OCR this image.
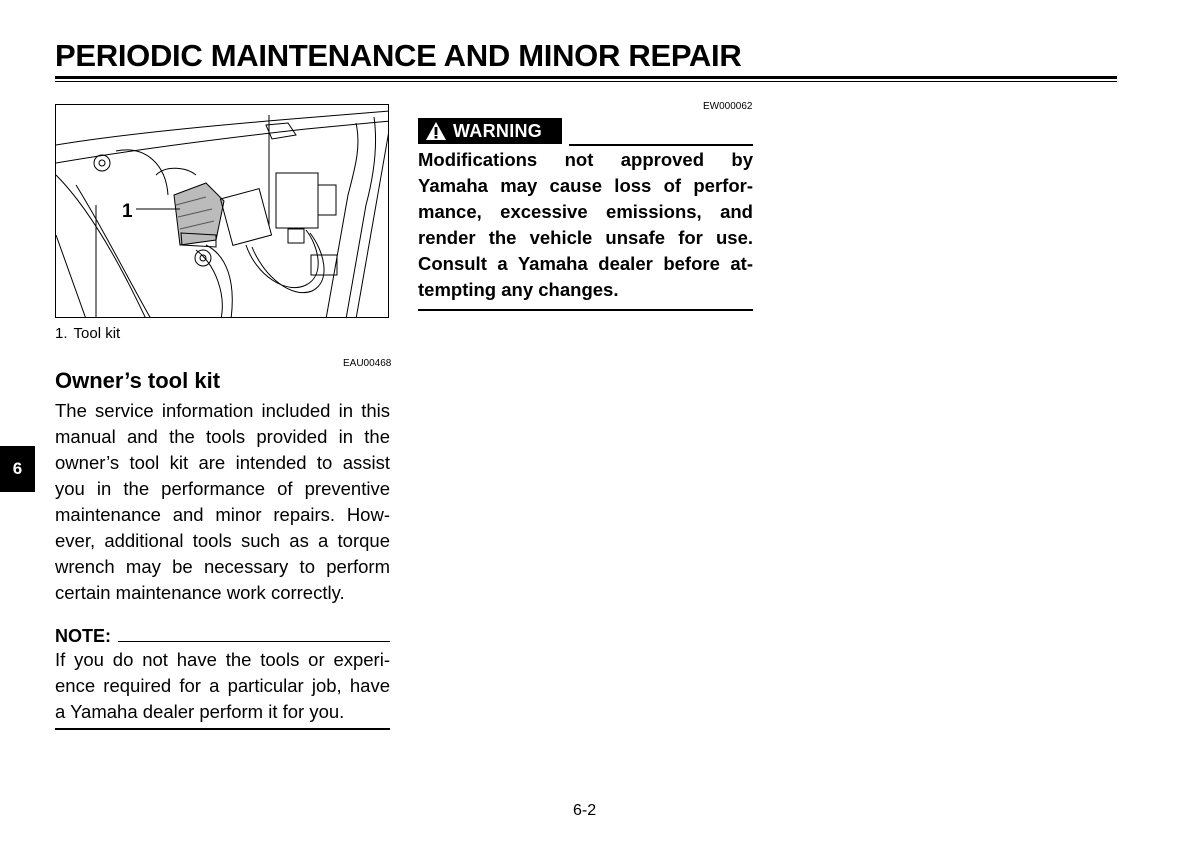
PERIODIC MAINTENANCE AND MINOR REPAIR
1
1. Tool kit
EAU00468
Owner’s tool kit
The service information included in this
manual and the tools provided in the
owner’s tool kit are intended to assist
you in the performance of preventive
maintenance and minor repairs. How-
ever, additional tools such as a torque
wrench may be necessary to perform
certain maintenance work correctly.
NOTE:
If you do not have the tools or experi-
ence required for a particular job, have
a Yamaha dealer perform it for you.
EW000062
WARNING
Modifications not approved by
Yamaha may cause loss of perfor-
mance, excessive emissions, and
render the vehicle unsafe for use.
Consult a Yamaha dealer before at-
tempting any changes.
6
6-2
